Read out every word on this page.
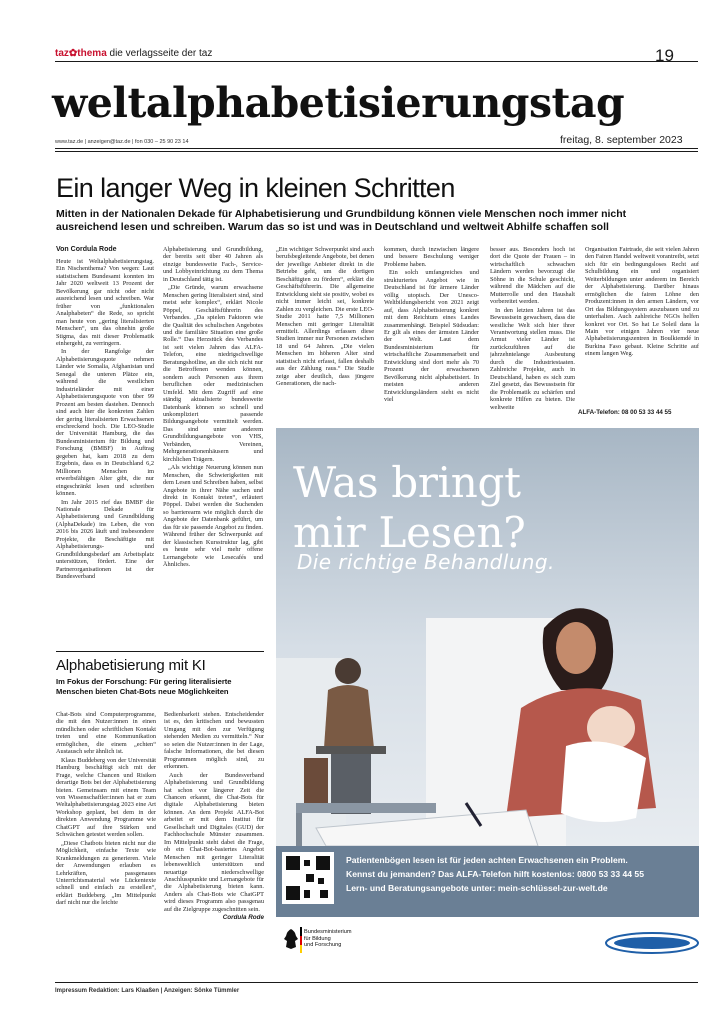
taz✿thema die verlagsseite der taz	19
weltalphabetisierungstag
www.taz.de | anzeigen@taz.de | fon 030 – 25 90 23 14	freitag, 8. september 2023
Ein langer Weg in kleinen Schritten
Mitten in der Nationalen Dekade für Alphabetisierung und Grundbildung können viele Menschen noch immer nicht ausreichend lesen und schreiben. Warum das so ist und was in Deutschland und weltweit Abhilfe schaffen soll
Von Cordula Rode

Heute ist Weltalphabetisierungstag. Ein Nischenthema? Von wegen: Laut statistischem Bundesamt konnten im Jahr 2020 weltweit 13 Prozent der Bevölkerung gar nicht oder nicht ausreichend lesen und schreiben. War früher von „funktionalen Analphabeten“ die Rede, so spricht man heute von „gering literalisierten Menschen“, um das ohnehin große Stigma, das mit dieser Problematik einhergeht, zu verringern.

In der Rangfolge der Alphabetisierungsquote nehmen Länder wie Somalia, Afghanistan und Senegal die unteren Plätze ein, während die westlichen Industrieländer mit einer Alphabetisierungsquote von über 99 Prozent am besten dastehen. Dennoch sind auch hier die konkreten Zahlen der gering literalisierten Erwachsenen erschreckend hoch. Die LEO-Studie der Universität Hamburg, die das Bundesministerium für Bildung und Forschung (BMBF) in Auftrag gegeben hat, kam 2018 zu dem Ergebnis, dass es in Deutschland 6,2 Millionen Menschen im erwerbsfähigen Alter gibt, die nur eingeschränkt lesen und schreiben können.

Im Jahr 2015 rief das BMBF die Nationale Dekade für Alphabetisierung und Grundbildung (AlphaDekade) ins Leben, die von 2016 bis 2026 läuft und insbesondere Projekte, die Beschäftigte mit Alphabetisierungs- und Grundbildungsbedarf am Arbeitsplatz unterstützen, fördert. Eine der Partnerorganisationen ist der Bundesverband

Alphabetisierung und Grundbildung, der bereits seit über 40 Jahren als einzige bundesweite Fach-, Service- und Lobbyeinrichtung zu dem Thema in Deutschland tätig ist.

„Die Gründe, warum erwachsene Menschen gering literalisiert sind, sind meist sehr komplex“, erklärt Nicole Pöppel, Geschäftsführerin des Verbandes. „Da spielen Faktoren wie die Qualität des schulischen Angebotes und die familiäre Situation eine große Rolle.“ Das Herzstück des Verbandes ist seit vielen Jahren das ALFA-Telefon, eine niedrigschwellige Beratungshotline, an die sich nicht nur die Betroffenen wenden können, sondern auch Personen aus ihrem beruflichen oder medizinischen Umfeld. Mit dem Zugriff auf eine ständig aktualisierte bundesweite Datenbank können so schnell und unkompliziert passende Bildungsangebote vermittelt werden. Das sind unter anderem Grundbildungsangebote von VHS, Verbänden, Vereinen, Mehrgenerationenhäusern und kirchlichen Trägern.

„Als wichtige Neuerung können nun Menschen, die Schwierigkeiten mit dem Lesen und Schreiben haben, selbst Angebote in ihrer Nähe suchen und direkt in Kontakt treten“, erläutert Pöppel. Dabei werden die Suchenden so barrierearm wie möglich durch die Angebote der Datenbank geführt, um das für sie passende Angebot zu finden. Während früher der Schwerpunkt auf der klassischen Kursstruktur lag, gibt es heute sehr viel mehr offene Lernangebote wie Lesecafés und Ähnliches.

„Ein wichtiger Schwerpunkt sind auch berufsbegleitende Angebote, bei denen der jeweilige Anbieter direkt in die Betriebe geht, um die dortigen Beschäftigten zu fördern“, erklärt die Geschäftsführerin. Die allgemeine Entwicklung sieht sie positiv, wobei es nicht immer leicht sei, konkrete Zahlen zu vergleichen. Die erste LEO-Studie 2011 hatte 7,5 Millionen Menschen mit geringer Literalität ermittelt. Allerdings erfassen diese Studien immer nur Personen zwischen 18 und 64 Jahren. „Die vielen Menschen im höheren Alter sind statistisch nicht erfasst, fallen deshalb aus der Zählung raus.“ Die Studie zeige aber deutlich, dass jüngere Generationen, die nach-

kommen, durch inzwischen längere und bessere Beschulung weniger Probleme haben.

Ein solch umfangreiches und strukturiertes Angebot wie in Deutschland ist für ärmere Länder völlig utopisch. Der Unesco-Weltbildungsbericht von 2021 zeigt auf, dass Alphabetisierung konkret mit dem Reichtum eines Landes zusammenhängt. Beispiel Südsudan: Er gilt als eines der ärmsten Länder der Welt. Laut dem Bundesministerium für wirtschaftliche Zusammenarbeit und Entwicklung sind dort mehr als 70 Prozent der erwachsenen Bevölkerung nicht alphabetisiert. In meisten anderen Entwicklungsländern sieht es nicht viel

besser aus. Besonders hoch ist dort die Quote der Frauen – in wirtschaftlich schwachen Ländern werden bevorzugt die Söhne in die Schule geschickt, während die Mädchen auf die Mutterrolle und den Haushalt vorbereitet werden.

In den letzten Jahren ist das Bewusstsein gewachsen, dass die westliche Welt sich hier ihrer Verantwortung stellen muss. Die Armut vieler Länder ist zurückzuführen auf die jahrzehntelange Ausbeutung durch die Industriestaaten. Zahlreiche Projekte, auch in Deutschland, haben es sich zum Ziel gesetzt, das Bewusstsein für die Problematik zu schärfen und konkrete Hilfen zu bieten. Die weltweite

Organisation Fairtrade, die seit vielen Jahren den Fairen Handel weltweit vorantreibt, setzt sich für ein bedingungsloses Recht auf Schulbildung ein und organisiert Weiterbildungen unter anderem im Bereich der Alphabetisierung. Darüber hinaus ermöglichen die fairen Löhne den Produzent:innen in den armen Ländern, vor Ort das Bildungssystem auszubauen und zu unterhalten. Auch zahlreiche NGOs helfen konkret vor Ort. So hat Le Soleil dans la Main vor einigen Jahren vier neue Alphabetisierungszentren in Boulkiemdé in Burkina Faso gebaut. Kleine Schritte auf einem langen Weg.

ALFA-Telefon: 08 00 53 33 44 55
Alphabetisierung mit KI
Im Fokus der Forschung: Für gering literalisierte Menschen bieten Chat-Bots neue Möglichkeiten

Chat-Bots sind Computerprogramme, die mit den Nutzer:innen in einen mündlichen oder schriftlichen Kontakt treten und eine Kommunikation ermöglichen, die einem „echten“ Austausch sehr ähnlich ist.

Klaus Buddeberg von der Universität Hamburg beschäftigt sich mit der Frage, welche Chancen und Risiken derartige Bots bei der Alphabetisierung bieten. Gemeinsam mit einem Team von Wissenschaftler:innen hat er zum Weltalphabetisierungstag 2023 eine Art Workshop geplant, bei dem in der direkten Anwendung Programme wie ChatGPT auf ihre Stärken und Schwächen getestet werden sollen.

„Diese Chatbots bieten nicht nur die Möglichkeit, einfache Texte wie Krankmeldungen zu generieren. Viele der Anwendungen erlauben es Lehrkräften, passgenaues Unterrichtsmaterial wie Lückentexte schnell und einfach zu erstellen“, erklärt Buddeberg. „Im Mittelpunkt darf nicht nur die leichte

Bedienbarkeit stehen. Entscheidender ist es, den kritischen und bewussten Umgang mit den zur Verfügung stehenden Medien zu vermitteln.“ Nur so seien die Nutzer:innen in der Lage, falsche Informationen, die bei diesen Programmen möglich sind, zu erkennen.

Auch der Bundesverband Alphabetisierung und Grundbildung hat schon vor längerer Zeit die Chancen erkannt, die Chat-Bots für digitale Alphabetisierung bieten können. An dem Projekt ALFA-Bot arbeitet er mit dem Institut für Gesellschaft und Digitales (GUD) der Fachhochschule Münster zusammen. Im Mittelpunkt steht dabei die Frage, ob ein Chat-Bot-basiertes Angebot Menschen mit geringer Literalität lebensweltlich unterstützen und neuartige niederschwellige Anschlusspunkte und Lernangebote für die Alphabetisierung bieten kann. Anders als Chat-Bots wie ChatGPT wird dieses Programm also passgenau auf die Zielgruppe zugeschnitten sein.

Cordula Rode
Was bringt
mir Lesen?
Die richtige Behandlung.
Patientenbögen lesen ist für jeden achten Erwachsenen ein Problem.
Kennst du jemanden? Das ALFA-Telefon hilft kostenlos: 0800 53 33 44 55
Lern- und Beratungsangebote unter: mein-schlüssel-zur-welt.de
Bundesministerium
für Bildung
und Forschung
Impressum Redaktion: Lars Klaaßen | Anzeigen: Sönke Tümmler
